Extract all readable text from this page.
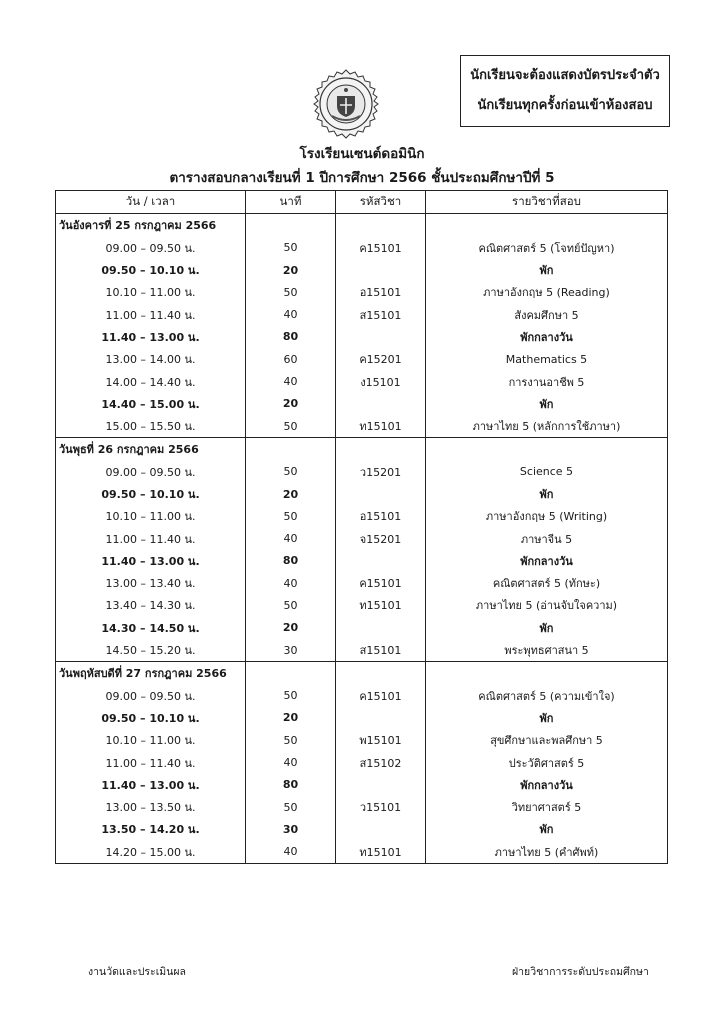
นักเรียนจะต้องแสดงบัตรประจำตัว
นักเรียนทุกครั้งก่อนเข้าห้องสอบ
โรงเรียนเซนต์ดอมินิก
ตารางสอบกลางเรียนที่ 1 ปีการศึกษา 2566 ชั้นประถมศึกษาปีที่ 5
วัน / เวลา	นาที	รหัสวิชา	รายวิชาที่สอบ
วันอังคารที่ 25 กรกฎาคม 2566			
09.00 – 09.50 น.	50	ค15101	คณิตศาสตร์ 5 (โจทย์ปัญหา)
09.50 – 10.10 น.	20		พัก
10.10 – 11.00 น.	50	อ15101	ภาษาอังกฤษ 5 (Reading)
11.00 – 11.40 น.	40	ส15101	สังคมศึกษา 5
11.40 – 13.00 น.	80		พักกลางวัน
13.00 – 14.00 น.	60	ค15201	Mathematics 5
14.00 – 14.40 น.	40	ง15101	การงานอาชีพ 5
14.40 – 15.00 น.	20		พัก
15.00 – 15.50 น.	50	ท15101	ภาษาไทย 5 (หลักการใช้ภาษา)
วันพุธที่ 26 กรกฎาคม 2566			
09.00 – 09.50 น.	50	ว15201	Science 5
09.50 – 10.10 น.	20		พัก
10.10 – 11.00 น.	50	อ15101	ภาษาอังกฤษ 5 (Writing)
11.00 – 11.40 น.	40	จ15201	ภาษาจีน 5
11.40 – 13.00 น.	80		พักกลางวัน
13.00 – 13.40 น.	40	ค15101	คณิตศาสตร์ 5 (ทักษะ)
13.40 – 14.30 น.	50	ท15101	ภาษาไทย 5 (อ่านจับใจความ)
14.30 – 14.50 น.	20		พัก
14.50 – 15.20 น.	30	ส15101	พระพุทธศาสนา 5
วันพฤหัสบดีที่ 27 กรกฎาคม 2566			
09.00 – 09.50 น.	50	ค15101	คณิตศาสตร์ 5 (ความเข้าใจ)
09.50 – 10.10 น.	20		พัก
10.10 – 11.00 น.	50	พ15101	สุขศึกษาและพลศึกษา 5
11.00 – 11.40 น.	40	ส15102	ประวัติศาสตร์ 5
11.40 – 13.00 น.	80		พักกลางวัน
13.00 – 13.50 น.	50	ว15101	วิทยาศาสตร์ 5
13.50 – 14.20 น.	30		พัก
14.20 – 15.00 น.	40	ท15101	ภาษาไทย 5 (คำศัพท์)
งานวัดและประเมินผล	ฝ่ายวิชาการระดับประถมศึกษา
